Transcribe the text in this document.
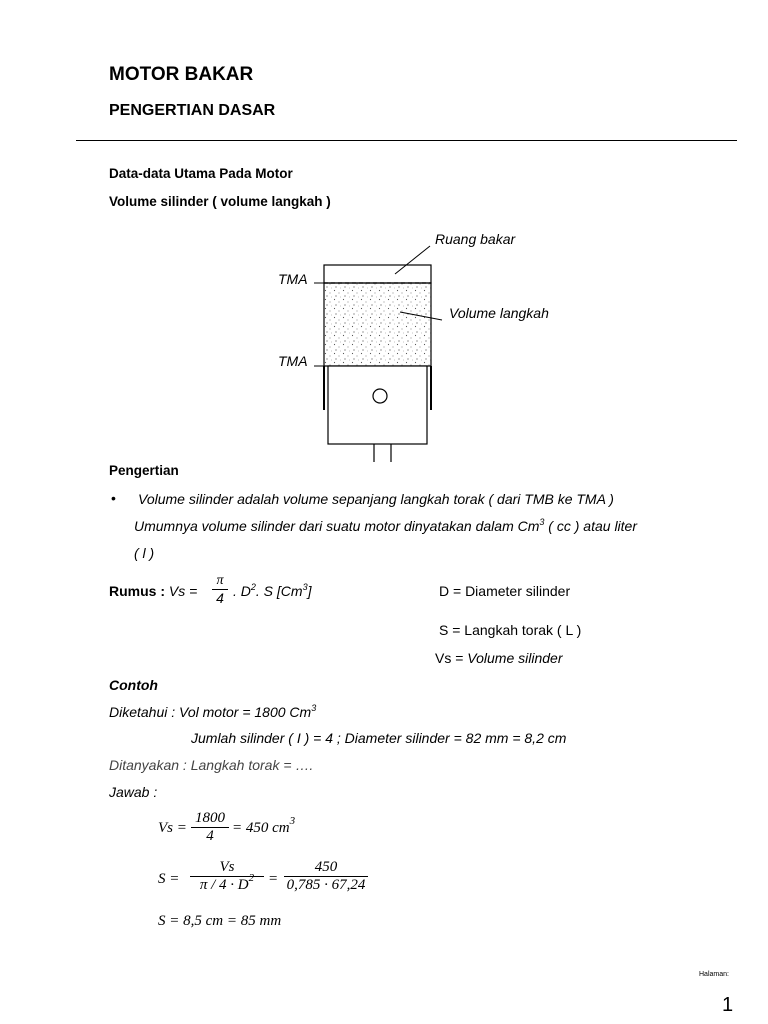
MOTOR BAKAR
PENGERTIAN DASAR
Data-data Utama Pada Motor
Volume silinder ( volume langkah )
Ruang bakar
TMA
Volume langkah
TMA
Pengertian
• Volume silinder adalah volume sepanjang langkah torak ( dari TMB ke TMA )
Umumnya volume silinder dari suatu motor dinyatakan dalam Cm$^3$ ( cc ) atau liter
( l )
Rumus : Vs =
π
4 . $D^2$. S [Cm$^3$]	D = Diameter silinder
S = Langkah torak ( L )
Vs = Volume silinder
Contoh
Diketahui : Vol motor = 1800 Cm$^3$
Jumlah silinder ( I ) = 4 ; Diameter silinder = 82 mm = 8,2 cm
Ditanyakan : Langkah torak = ….
Jawab :
Vs =
1800
4	= 450 $cm^3$
S =
Vs
$\pi / 4 \cdot D^2$ =
450
0,785 · 67,24
S = 8,5 cm = 85 mm
Halaman:
1
